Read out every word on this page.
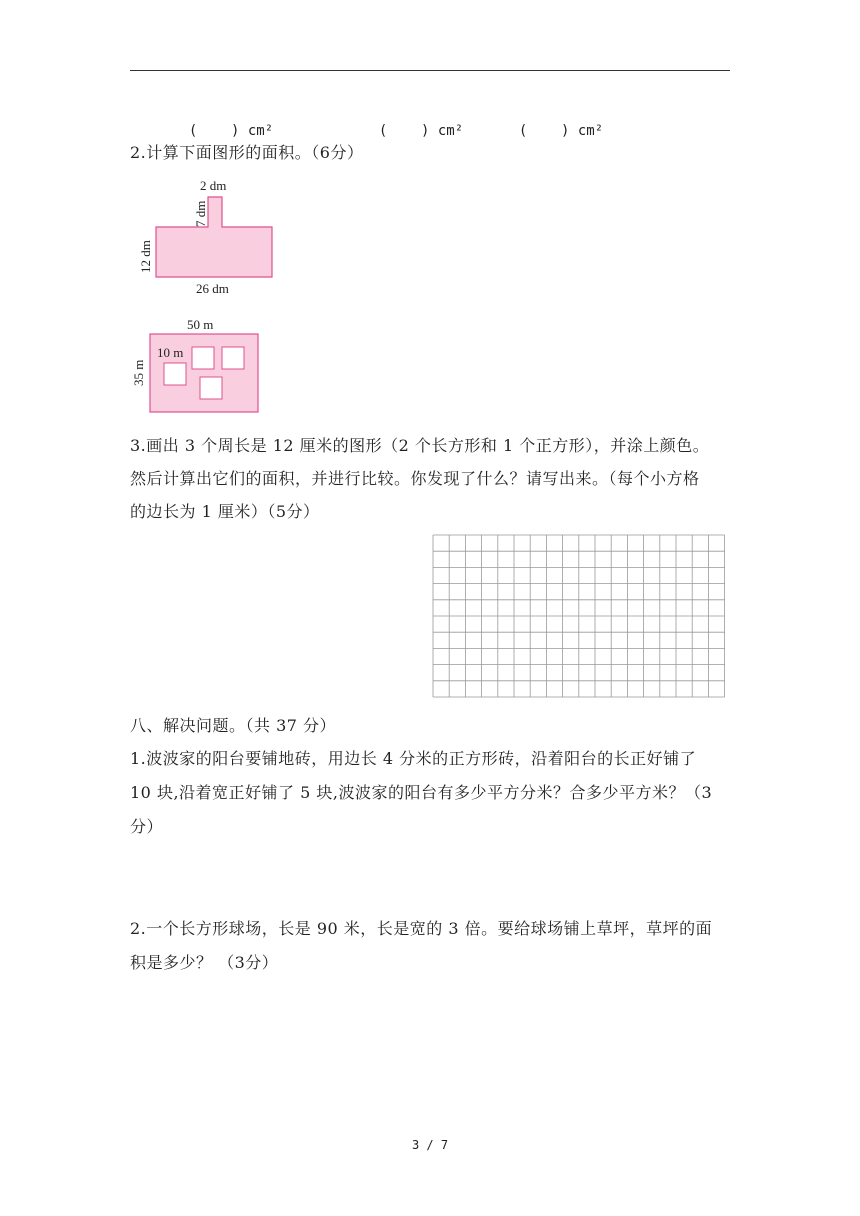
(    ) cm²	(    ) cm²	(    ) cm²

2.计算下面图形的面积。（6分）
2 dm
7 dm
12 dm
26 dm
50 m
35 m
10 m
3.画出 3 个周长是 12 厘米的图形（2 个长方形和 1 个正方形），并涂上颜色。
然后计算出它们的面积，并进行比较。你发现了什么？请写出来。（每个小方格
的边长为 1 厘米）（5分）
八、解决问题。（共 37 分）
1.波波家的阳台要铺地砖，用边长 4 分米的正方形砖，沿着阳台的长正好铺了
10 块,沿着宽正好铺了 5 块,波波家的阳台有多少平方分米？合多少平方米？（3
分）
2.一个长方形球场，长是 90 米，长是宽的 3 倍。要给球场铺上草坪，草坪的面
积是多少？ （3分）
3 / 7
